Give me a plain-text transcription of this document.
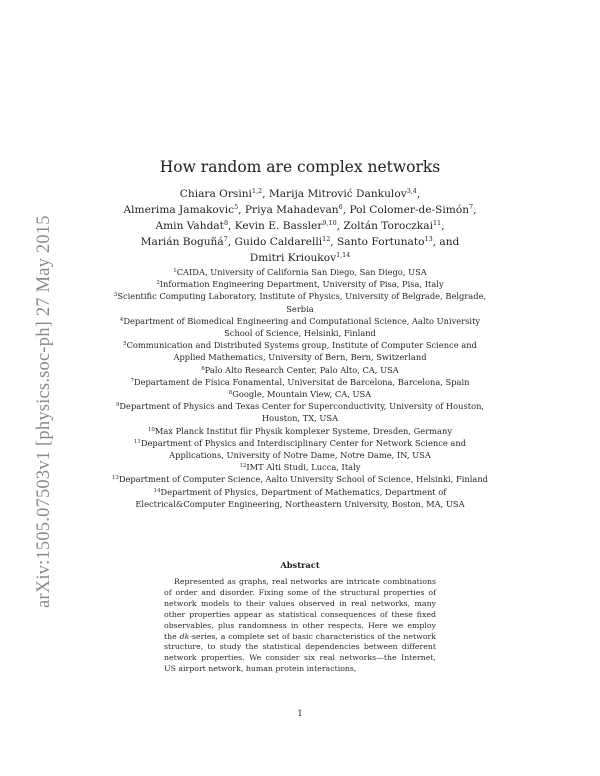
arXiv:1505.07503v1 [physics.soc-ph] 27 May 2015
How random are complex networks
Chiara Orsini$^{1,2}$, Marija Mitrović Dankulov$^{3,4}$,
Almerima Jamakovic$^5$, Priya Mahadevan$^6$, Pol Colomer-de-Simón$^7$,
Amin Vahdat$^8$, Kevin E. Bassler$^{9,10}$, Zoltán Toroczkai$^{11}$,
Marián Boguñá$^7$, Guido Caldarelli$^{12}$, Santo Fortunato$^{13}$, and
Dmitri Krioukov$^{1,14}$
$^1$CAIDA, University of California San Diego, San Diego, USA
$^2$Information Engineering Department, University of Pisa, Pisa, Italy
$^3$Scientific Computing Laboratory, Institute of Physics, University of Belgrade, Belgrade, Serbia
$^4$Department of Biomedical Engineering and Computational Science, Aalto University School of Science, Helsinki, Finland
$^5$Communication and Distributed Systems group, Institute of Computer Science and Applied Mathematics, University of Bern, Bern, Switzerland
$^6$Palo Alto Research Center, Palo Alto, CA, USA
$^7$Departament de Física Fonamental, Universitat de Barcelona, Barcelona, Spain
$^8$Google, Mountain View, CA, USA
$^9$Department of Physics and Texas Center for Superconductivity, University of Houston, Houston, TX, USA
$^{10}$Max Planck Institut für Physik komplexer Systeme, Dresden, Germany
$^{11}$Department of Physics and Interdisciplinary Center for Network Science and Applications, University of Notre Dame, Notre Dame, IN, USA
$^{12}$IMT Alti Studi, Lucca, Italy
$^{13}$Department of Computer Science, Aalto University School of Science, Helsinki, Finland
$^{14}$Department of Physics, Department of Mathematics, Department of Electrical&Computer Engineering, Northeastern University, Boston, MA, USA
Abstract
Represented as graphs, real networks are intricate combinations of order and disorder. Fixing some of the structural properties of network models to their values observed in real networks, many other properties appear as statistical consequences of these fixed observables, plus randomness in other respects. Here we employ the dk-series, a complete set of basic characteristics of the network structure, to study the statistical dependencies between different network properties. We consider six real networks—the Internet, US airport network, human protein interactions,
1
